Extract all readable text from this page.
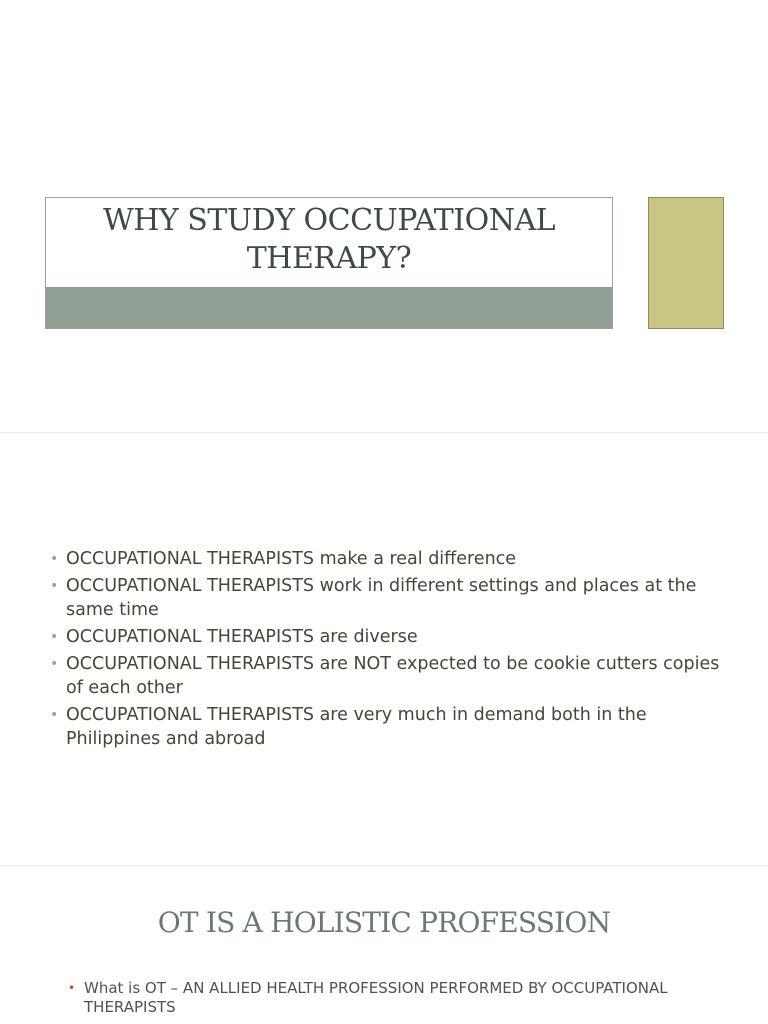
WHY STUDY OCCUPATIONAL
THERAPY?
• OCCUPATIONAL THERAPISTS make a real difference
• OCCUPATIONAL THERAPISTS work in different settings and places at the same time
• OCCUPATIONAL THERAPISTS are diverse
• OCCUPATIONAL THERAPISTS are NOT expected to be cookie cutters copies of each other
• OCCUPATIONAL THERAPISTS are very much in demand both in the Philippines and abroad
OT IS A HOLISTIC PROFESSION
• What is OT – AN ALLIED HEALTH PROFESSION PERFORMED BY OCCUPATIONAL THERAPISTS
